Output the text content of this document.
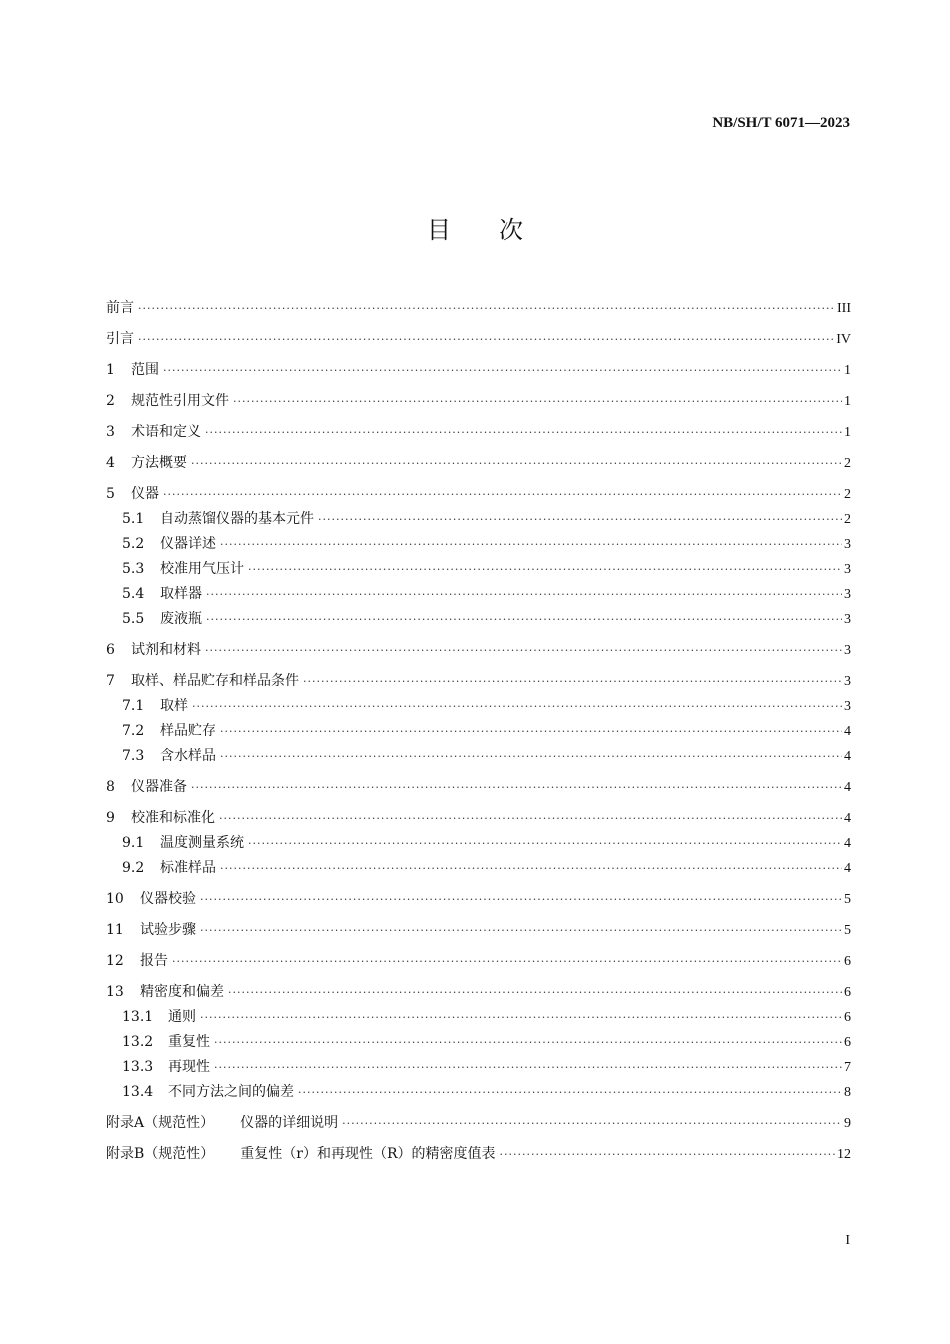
NB/SH/T 6071—2023
目次
前言 ·····	III
引言 ·····	IV
1	范围 ·····	1
2	规范性引用文件 ·····	1
3	术语和定义 ·····	1
4	方法概要 ·····	2
5	仪器 ·····	2
5.1	自动蒸馏仪器的基本元件 ·····	2
5.2	仪器详述 ·····	3
5.3	校准用气压计 ·····	3
5.4	取样器 ·····	3
5.5	废液瓶 ·····	3
6	试剂和材料 ·····	3
7	取样、样品贮存和样品条件 ·····	3
7.1	取样 ·····	3
7.2	样品贮存 ·····	4
7.3	含水样品 ·····	4
8	仪器准备 ·····	4
9	校准和标准化 ·····	4
9.1	温度测量系统 ·····	4
9.2	标准样品 ·····	4
10	仪器校验 ·····	5
11	试验步骤 ·····	5
12	报告 ·····	6
13	精密度和偏差 ·····	6
13.1	通则 ·····	6
13.2	重复性 ·····	6
13.3	再现性 ·····	7
13.4	不同方法之间的偏差 ·····	8
附录A（规范性） 仪器的详细说明 ·····	9
附录B（规范性） 重复性（r）和再现性（R）的精密度值表 ·····	12
I
